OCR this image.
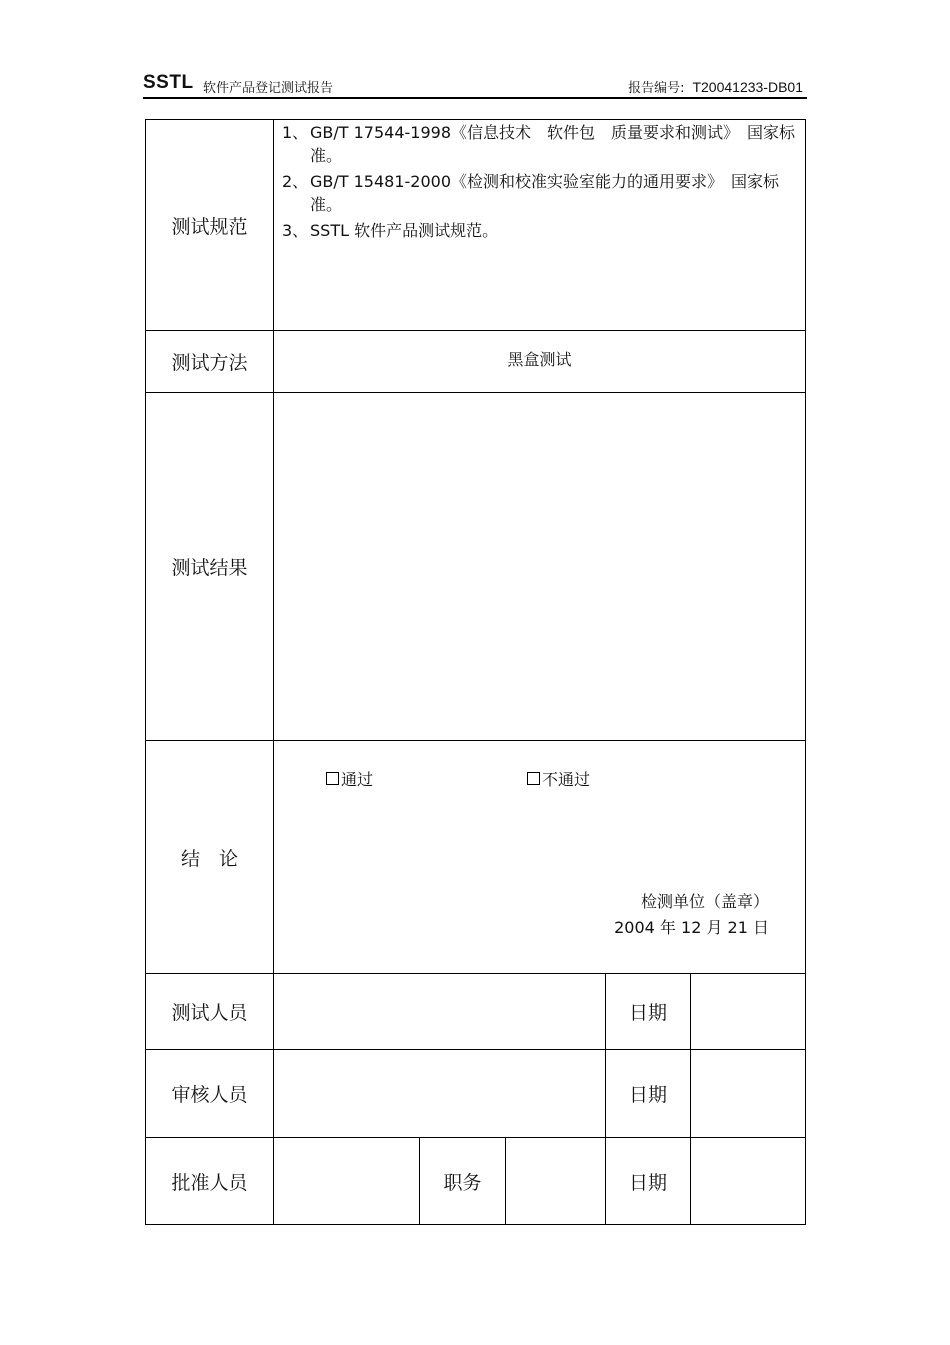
SSTL 软件产品登记测试报告	报告编号: T20041233-DB01
测试规范
1、 GB/T 17544-1998《信息技术　软件包　质量要求和测试》　国家标准。
2、 GB/T 15481-2000《检测和校准实验室能力的通用要求》　国家标准。
3、 SSTL 软件产品测试规范。
测试方法	黑盒测试
测试结果
结　论
通过	不通过
检测单位（盖章）
2004 年 12 月 21 日
测试人员	日期
审核人员	日期
批准人员	职务	日期
